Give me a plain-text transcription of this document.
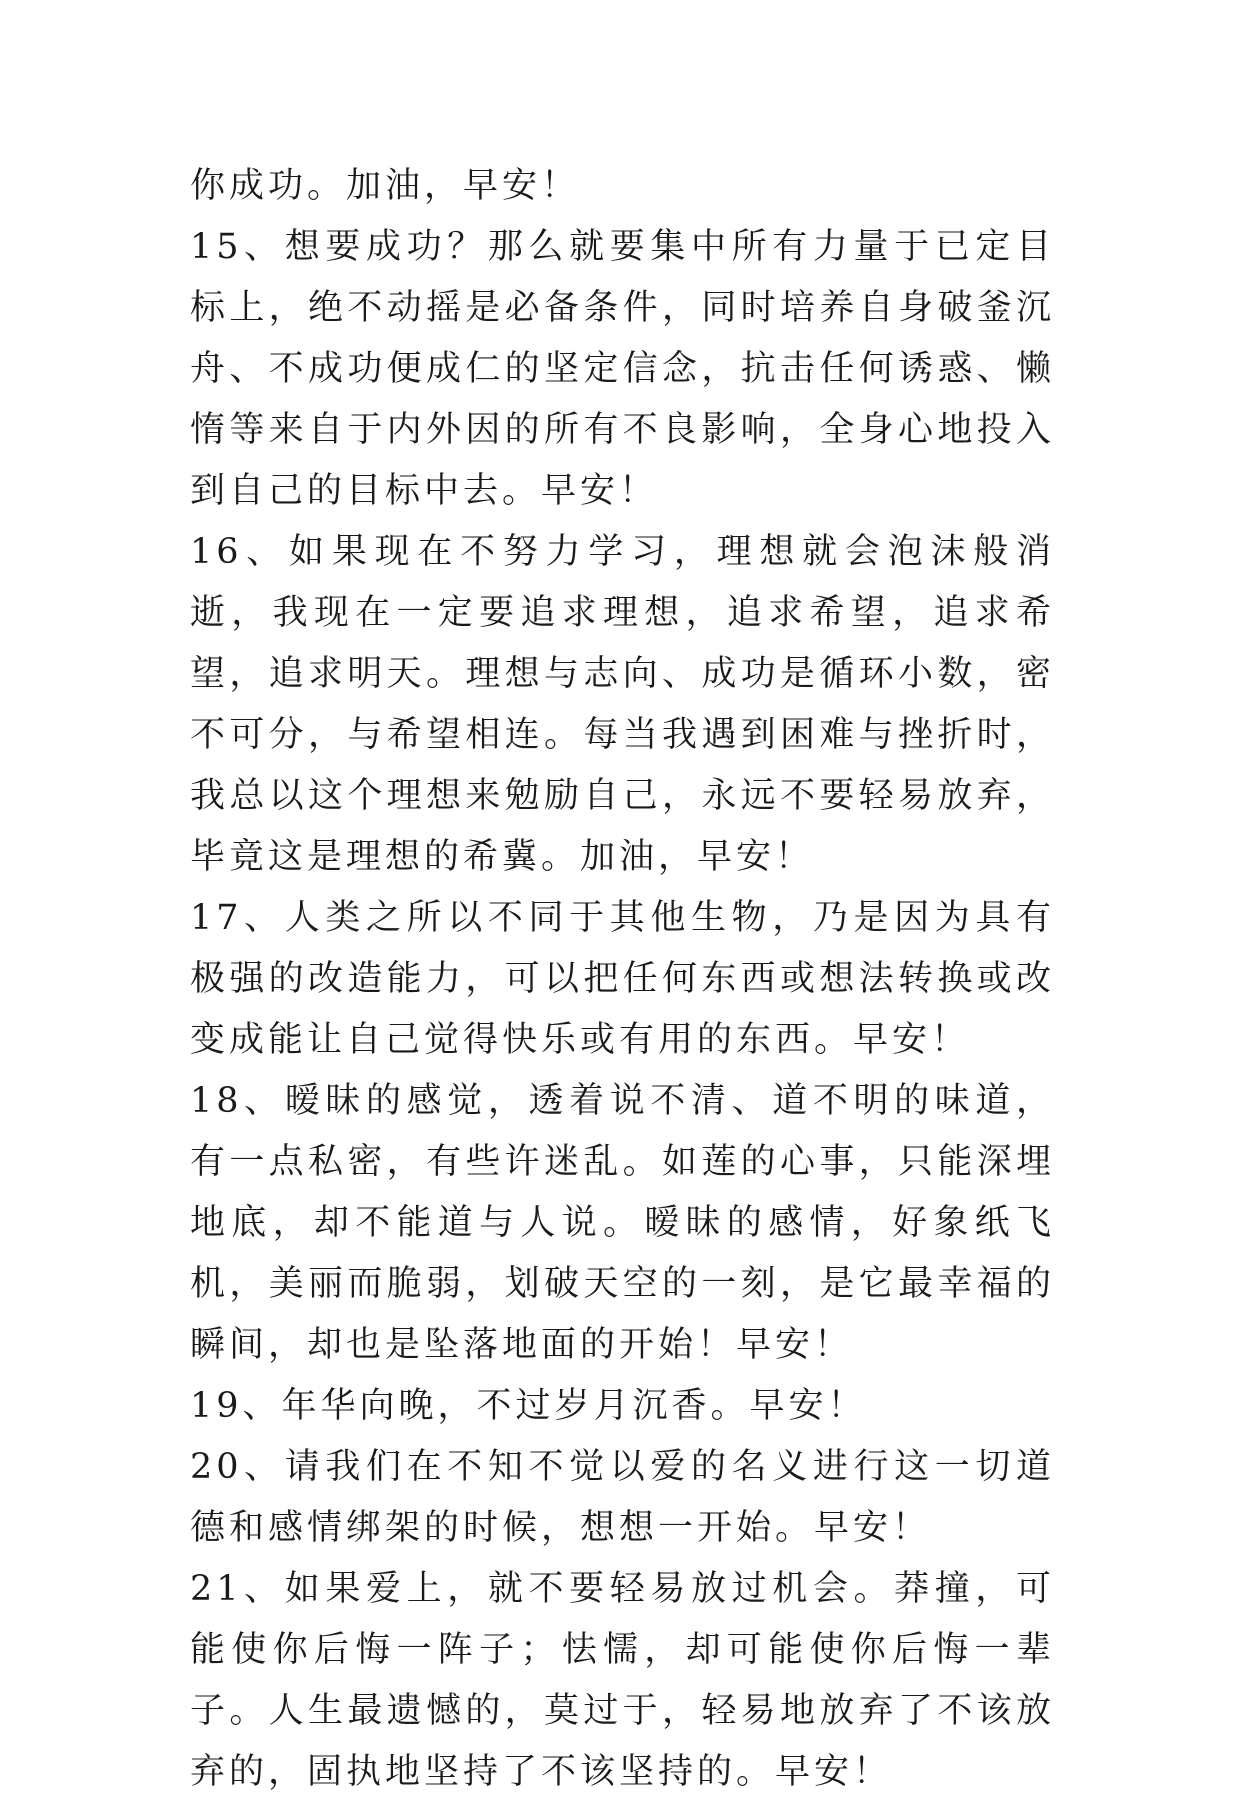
你成功。加油，早安！

15、想要成功？那么就要集中所有力量于已定目标上，绝不动摇是必备条件，同时培养自身破釜沉舟、不成功便成仁的坚定信念，抗击任何诱惑、懒惰等来自于内外因的所有不良影响，全身心地投入到自己的目标中去。早安！

16、如果现在不努力学习，理想就会泡沫般消逝，我现在一定要追求理想，追求希望，追求希望，追求明天。理想与志向、成功是循环小数，密不可分，与希望相连。每当我遇到困难与挫折时，我总以这个理想来勉励自己，永远不要轻易放弃，毕竟这是理想的希冀。加油，早安！

17、人类之所以不同于其他生物，乃是因为具有极强的改造能力，可以把任何东西或想法转换或改变成能让自己觉得快乐或有用的东西。早安！

18、暧昧的感觉，透着说不清、道不明的味道，有一点私密，有些许迷乱。如莲的心事，只能深埋地底，却不能道与人说。暧昧的感情，好象纸飞机，美丽而脆弱，划破天空的一刻，是它最幸福的瞬间，却也是坠落地面的开始！早安！

19、年华向晚，不过岁月沉香。早安！

20、请我们在不知不觉以爱的名义进行这一切道德和感情绑架的时候，想想一开始。早安！

21、如果爱上，就不要轻易放过机会。莽撞，可能使你后悔一阵子；怯懦，却可能使你后悔一辈子。人生最遗憾的，莫过于，轻易地放弃了不该放弃的，固执地坚持了不该坚持的。早安！
